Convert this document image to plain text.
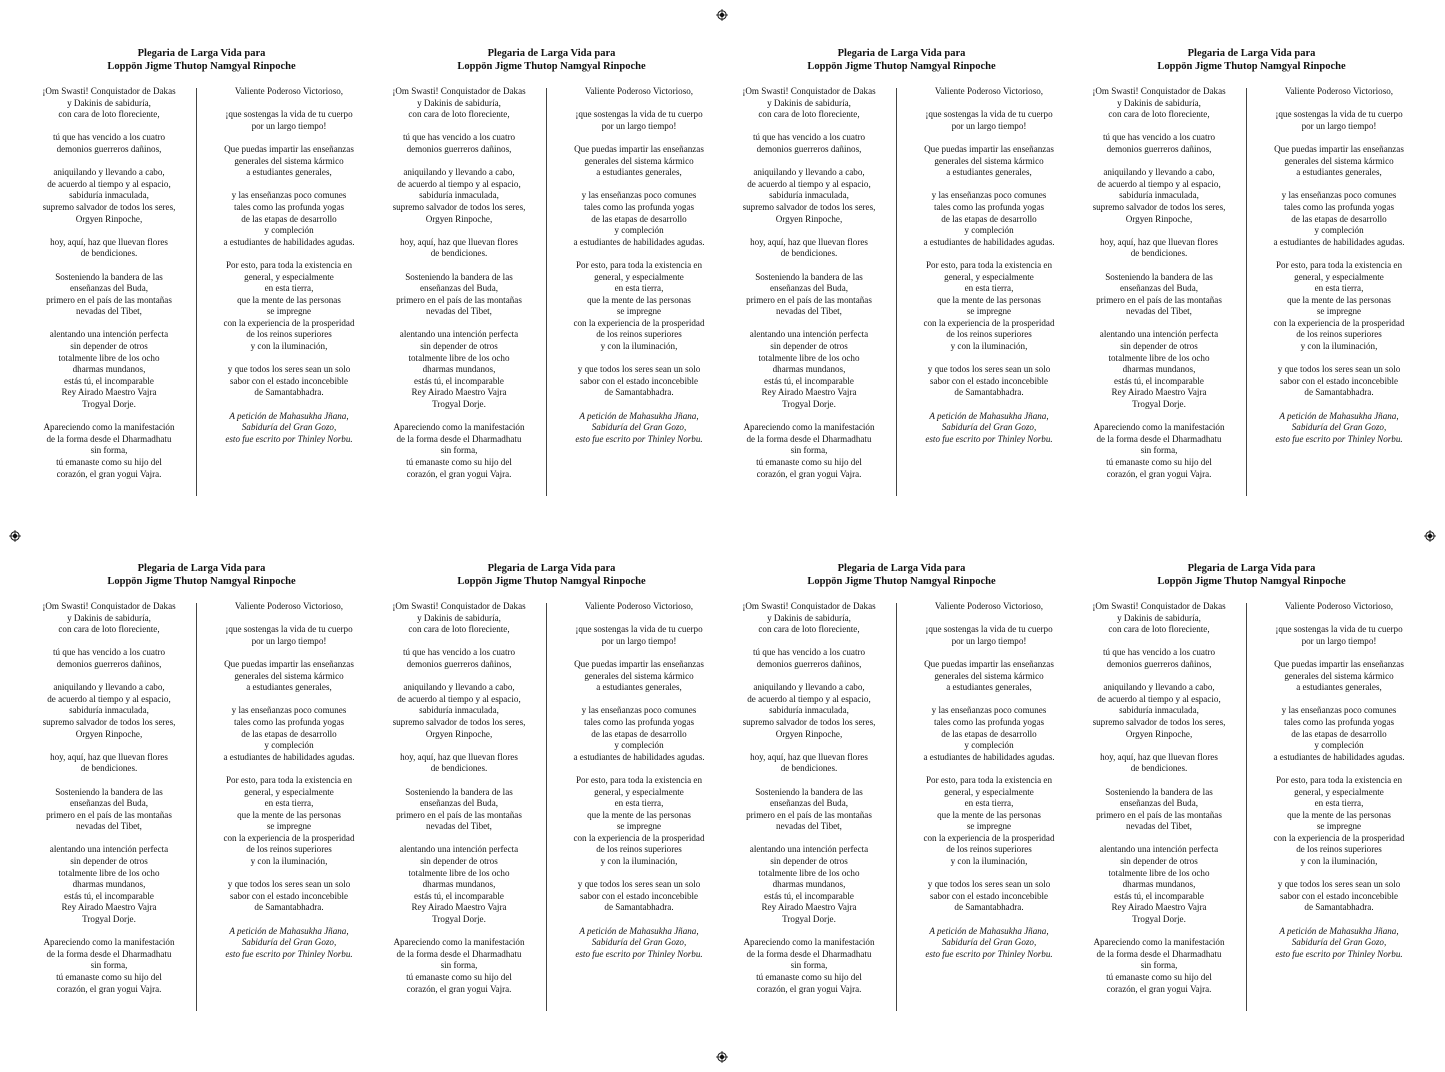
Plegaria de Larga Vida para
Loppön Jigme Thutop Namgyal Rinpoche
¡Om Swasti! Conquistador de Dakas
y Dakinis de sabiduría,
con cara de loto floreciente,
tú que has vencido a los cuatro
demonios guerreros dañinos,
aniquilando y llevando a cabo,
de acuerdo al tiempo y al espacio,
sabiduría inmaculada,
supremo salvador de todos los seres,
Orgyen Rinpoche,
hoy, aquí, haz que lluevan flores
de bendiciones.
Sosteniendo la bandera de las
enseñanzas del Buda,
primero en el país de las montañas
nevadas del Tibet,
alentando una intención perfecta
sin depender de otros
totalmente libre de los ocho
dharmas mundanos,
estás tú, el incomparable
Rey Airado Maestro Vajra
Trogyal Dorje.
Apareciendo como la manifestación
de la forma desde el Dharmadhatu
sin forma,
tú emanaste como su hijo del
corazón, el gran yogui Vajra.
Valiente Poderoso Victorioso,
¡que sostengas la vida de tu cuerpo
por un largo tiempo!
Que puedas impartir las enseñanzas
generales del sistema kármico
a estudiantes generales,
y las enseñanzas poco comunes
tales como las profunda yogas
de las etapas de desarrollo
y compleción
a estudiantes de habilidades agudas.
Por esto, para toda la existencia en
general, y especialmente
en esta tierra,
que la mente de las personas
se impregne
con la experiencia de la prosperidad
de los reinos superiores
y con la iluminación,
y que todos los seres sean un solo
sabor con el estado inconcebible
de Samantabhadra.
A petición de Mahasukha Jñana,
Sabiduría del Gran Gozo,
esto fue escrito por Thinley Norbu.
Plegaria de Larga Vida para
Loppön Jigme Thutop Namgyal Rinpoche
¡Om Swasti! Conquistador de Dakas
y Dakinis de sabiduría,
con cara de loto floreciente,
tú que has vencido a los cuatro
demonios guerreros dañinos,
aniquilando y llevando a cabo,
de acuerdo al tiempo y al espacio,
sabiduría inmaculada,
supremo salvador de todos los seres,
Orgyen Rinpoche,
hoy, aquí, haz que lluevan flores
de bendiciones.
Sosteniendo la bandera de las
enseñanzas del Buda,
primero en el país de las montañas
nevadas del Tibet,
alentando una intención perfecta
sin depender de otros
totalmente libre de los ocho
dharmas mundanos,
estás tú, el incomparable
Rey Airado Maestro Vajra
Trogyal Dorje.
Apareciendo como la manifestación
de la forma desde el Dharmadhatu
sin forma,
tú emanaste como su hijo del
corazón, el gran yogui Vajra.
Valiente Poderoso Victorioso,
¡que sostengas la vida de tu cuerpo
por un largo tiempo!
Que puedas impartir las enseñanzas
generales del sistema kármico
a estudiantes generales,
y las enseñanzas poco comunes
tales como las profunda yogas
de las etapas de desarrollo
y compleción
a estudiantes de habilidades agudas.
Por esto, para toda la existencia en
general, y especialmente
en esta tierra,
que la mente de las personas
se impregne
con la experiencia de la prosperidad
de los reinos superiores
y con la iluminación,
y que todos los seres sean un solo
sabor con el estado inconcebible
de Samantabhadra.
A petición de Mahasukha Jñana,
Sabiduría del Gran Gozo,
esto fue escrito por Thinley Norbu.
Plegaria de Larga Vida para
Loppön Jigme Thutop Namgyal Rinpoche
¡Om Swasti! Conquistador de Dakas
y Dakinis de sabiduría,
con cara de loto floreciente,
tú que has vencido a los cuatro
demonios guerreros dañinos,
aniquilando y llevando a cabo,
de acuerdo al tiempo y al espacio,
sabiduría inmaculada,
supremo salvador de todos los seres,
Orgyen Rinpoche,
hoy, aquí, haz que lluevan flores
de bendiciones.
Sosteniendo la bandera de las
enseñanzas del Buda,
primero en el país de las montañas
nevadas del Tibet,
alentando una intención perfecta
sin depender de otros
totalmente libre de los ocho
dharmas mundanos,
estás tú, el incomparable
Rey Airado Maestro Vajra
Trogyal Dorje.
Apareciendo como la manifestación
de la forma desde el Dharmadhatu
sin forma,
tú emanaste como su hijo del
corazón, el gran yogui Vajra.
Valiente Poderoso Victorioso,
¡que sostengas la vida de tu cuerpo
por un largo tiempo!
Que puedas impartir las enseñanzas
generales del sistema kármico
a estudiantes generales,
y las enseñanzas poco comunes
tales como las profunda yogas
de las etapas de desarrollo
y compleción
a estudiantes de habilidades agudas.
Por esto, para toda la existencia en
general, y especialmente
en esta tierra,
que la mente de las personas
se impregne
con la experiencia de la prosperidad
de los reinos superiores
y con la iluminación,
y que todos los seres sean un solo
sabor con el estado inconcebible
de Samantabhadra.
A petición de Mahasukha Jñana,
Sabiduría del Gran Gozo,
esto fue escrito por Thinley Norbu.
Plegaria de Larga Vida para
Loppön Jigme Thutop Namgyal Rinpoche
¡Om Swasti! Conquistador de Dakas
y Dakinis de sabiduría,
con cara de loto floreciente,
tú que has vencido a los cuatro
demonios guerreros dañinos,
aniquilando y llevando a cabo,
de acuerdo al tiempo y al espacio,
sabiduría inmaculada,
supremo salvador de todos los seres,
Orgyen Rinpoche,
hoy, aquí, haz que lluevan flores
de bendiciones.
Sosteniendo la bandera de las
enseñanzas del Buda,
primero en el país de las montañas
nevadas del Tibet,
alentando una intención perfecta
sin depender de otros
totalmente libre de los ocho
dharmas mundanos,
estás tú, el incomparable
Rey Airado Maestro Vajra
Trogyal Dorje.
Apareciendo como la manifestación
de la forma desde el Dharmadhatu
sin forma,
tú emanaste como su hijo del
corazón, el gran yogui Vajra.
Valiente Poderoso Victorioso,
¡que sostengas la vida de tu cuerpo
por un largo tiempo!
Que puedas impartir las enseñanzas
generales del sistema kármico
a estudiantes generales,
y las enseñanzas poco comunes
tales como las profunda yogas
de las etapas de desarrollo
y compleción
a estudiantes de habilidades agudas.
Por esto, para toda la existencia en
general, y especialmente
en esta tierra,
que la mente de las personas
se impregne
con la experiencia de la prosperidad
de los reinos superiores
y con la iluminación,
y que todos los seres sean un solo
sabor con el estado inconcebible
de Samantabhadra.
A petición de Mahasukha Jñana,
Sabiduría del Gran Gozo,
esto fue escrito por Thinley Norbu.
Plegaria de Larga Vida para
Loppön Jigme Thutop Namgyal Rinpoche
¡Om Swasti! Conquistador de Dakas
y Dakinis de sabiduría,
con cara de loto floreciente,
tú que has vencido a los cuatro
demonios guerreros dañinos,
aniquilando y llevando a cabo,
de acuerdo al tiempo y al espacio,
sabiduría inmaculada,
supremo salvador de todos los seres,
Orgyen Rinpoche,
hoy, aquí, haz que lluevan flores
de bendiciones.
Sosteniendo la bandera de las
enseñanzas del Buda,
primero en el país de las montañas
nevadas del Tibet,
alentando una intención perfecta
sin depender de otros
totalmente libre de los ocho
dharmas mundanos,
estás tú, el incomparable
Rey Airado Maestro Vajra
Trogyal Dorje.
Apareciendo como la manifestación
de la forma desde el Dharmadhatu
sin forma,
tú emanaste como su hijo del
corazón, el gran yogui Vajra.
Valiente Poderoso Victorioso,
¡que sostengas la vida de tu cuerpo
por un largo tiempo!
Que puedas impartir las enseñanzas
generales del sistema kármico
a estudiantes generales,
y las enseñanzas poco comunes
tales como las profunda yogas
de las etapas de desarrollo
y compleción
a estudiantes de habilidades agudas.
Por esto, para toda la existencia en
general, y especialmente
en esta tierra,
que la mente de las personas
se impregne
con la experiencia de la prosperidad
de los reinos superiores
y con la iluminación,
y que todos los seres sean un solo
sabor con el estado inconcebible
de Samantabhadra.
A petición de Mahasukha Jñana,
Sabiduría del Gran Gozo,
esto fue escrito por Thinley Norbu.
Plegaria de Larga Vida para
Loppön Jigme Thutop Namgyal Rinpoche
¡Om Swasti! Conquistador de Dakas
y Dakinis de sabiduría,
con cara de loto floreciente,
tú que has vencido a los cuatro
demonios guerreros dañinos,
aniquilando y llevando a cabo,
de acuerdo al tiempo y al espacio,
sabiduría inmaculada,
supremo salvador de todos los seres,
Orgyen Rinpoche,
hoy, aquí, haz que lluevan flores
de bendiciones.
Sosteniendo la bandera de las
enseñanzas del Buda,
primero en el país de las montañas
nevadas del Tibet,
alentando una intención perfecta
sin depender de otros
totalmente libre de los ocho
dharmas mundanos,
estás tú, el incomparable
Rey Airado Maestro Vajra
Trogyal Dorje.
Apareciendo como la manifestación
de la forma desde el Dharmadhatu
sin forma,
tú emanaste como su hijo del
corazón, el gran yogui Vajra.
Valiente Poderoso Victorioso,
¡que sostengas la vida de tu cuerpo
por un largo tiempo!
Que puedas impartir las enseñanzas
generales del sistema kármico
a estudiantes generales,
y las enseñanzas poco comunes
tales como las profunda yogas
de las etapas de desarrollo
y compleción
a estudiantes de habilidades agudas.
Por esto, para toda la existencia en
general, y especialmente
en esta tierra,
que la mente de las personas
se impregne
con la experiencia de la prosperidad
de los reinos superiores
y con la iluminación,
y que todos los seres sean un solo
sabor con el estado inconcebible
de Samantabhadra.
A petición de Mahasukha Jñana,
Sabiduría del Gran Gozo,
esto fue escrito por Thinley Norbu.
Plegaria de Larga Vida para
Loppön Jigme Thutop Namgyal Rinpoche
¡Om Swasti! Conquistador de Dakas
y Dakinis de sabiduría,
con cara de loto floreciente,
tú que has vencido a los cuatro
demonios guerreros dañinos,
aniquilando y llevando a cabo,
de acuerdo al tiempo y al espacio,
sabiduría inmaculada,
supremo salvador de todos los seres,
Orgyen Rinpoche,
hoy, aquí, haz que lluevan flores
de bendiciones.
Sosteniendo la bandera de las
enseñanzas del Buda,
primero en el país de las montañas
nevadas del Tibet,
alentando una intención perfecta
sin depender de otros
totalmente libre de los ocho
dharmas mundanos,
estás tú, el incomparable
Rey Airado Maestro Vajra
Trogyal Dorje.
Apareciendo como la manifestación
de la forma desde el Dharmadhatu
sin forma,
tú emanaste como su hijo del
corazón, el gran yogui Vajra.
Valiente Poderoso Victorioso,
¡que sostengas la vida de tu cuerpo
por un largo tiempo!
Que puedas impartir las enseñanzas
generales del sistema kármico
a estudiantes generales,
y las enseñanzas poco comunes
tales como las profunda yogas
de las etapas de desarrollo
y compleción
a estudiantes de habilidades agudas.
Por esto, para toda la existencia en
general, y especialmente
en esta tierra,
que la mente de las personas
se impregne
con la experiencia de la prosperidad
de los reinos superiores
y con la iluminación,
y que todos los seres sean un solo
sabor con el estado inconcebible
de Samantabhadra.
A petición de Mahasukha Jñana,
Sabiduría del Gran Gozo,
esto fue escrito por Thinley Norbu.
Plegaria de Larga Vida para
Loppön Jigme Thutop Namgyal Rinpoche
¡Om Swasti! Conquistador de Dakas
y Dakinis de sabiduría,
con cara de loto floreciente,
tú que has vencido a los cuatro
demonios guerreros dañinos,
aniquilando y llevando a cabo,
de acuerdo al tiempo y al espacio,
sabiduría inmaculada,
supremo salvador de todos los seres,
Orgyen Rinpoche,
hoy, aquí, haz que lluevan flores
de bendiciones.
Sosteniendo la bandera de las
enseñanzas del Buda,
primero en el país de las montañas
nevadas del Tibet,
alentando una intención perfecta
sin depender de otros
totalmente libre de los ocho
dharmas mundanos,
estás tú, el incomparable
Rey Airado Maestro Vajra
Trogyal Dorje.
Apareciendo como la manifestación
de la forma desde el Dharmadhatu
sin forma,
tú emanaste como su hijo del
corazón, el gran yogui Vajra.
Valiente Poderoso Victorioso,
¡que sostengas la vida de tu cuerpo
por un largo tiempo!
Que puedas impartir las enseñanzas
generales del sistema kármico
a estudiantes generales,
y las enseñanzas poco comunes
tales como las profunda yogas
de las etapas de desarrollo
y compleción
a estudiantes de habilidades agudas.
Por esto, para toda la existencia en
general, y especialmente
en esta tierra,
que la mente de las personas
se impregne
con la experiencia de la prosperidad
de los reinos superiores
y con la iluminación,
y que todos los seres sean un solo
sabor con el estado inconcebible
de Samantabhadra.
A petición de Mahasukha Jñana,
Sabiduría del Gran Gozo,
esto fue escrito por Thinley Norbu.
